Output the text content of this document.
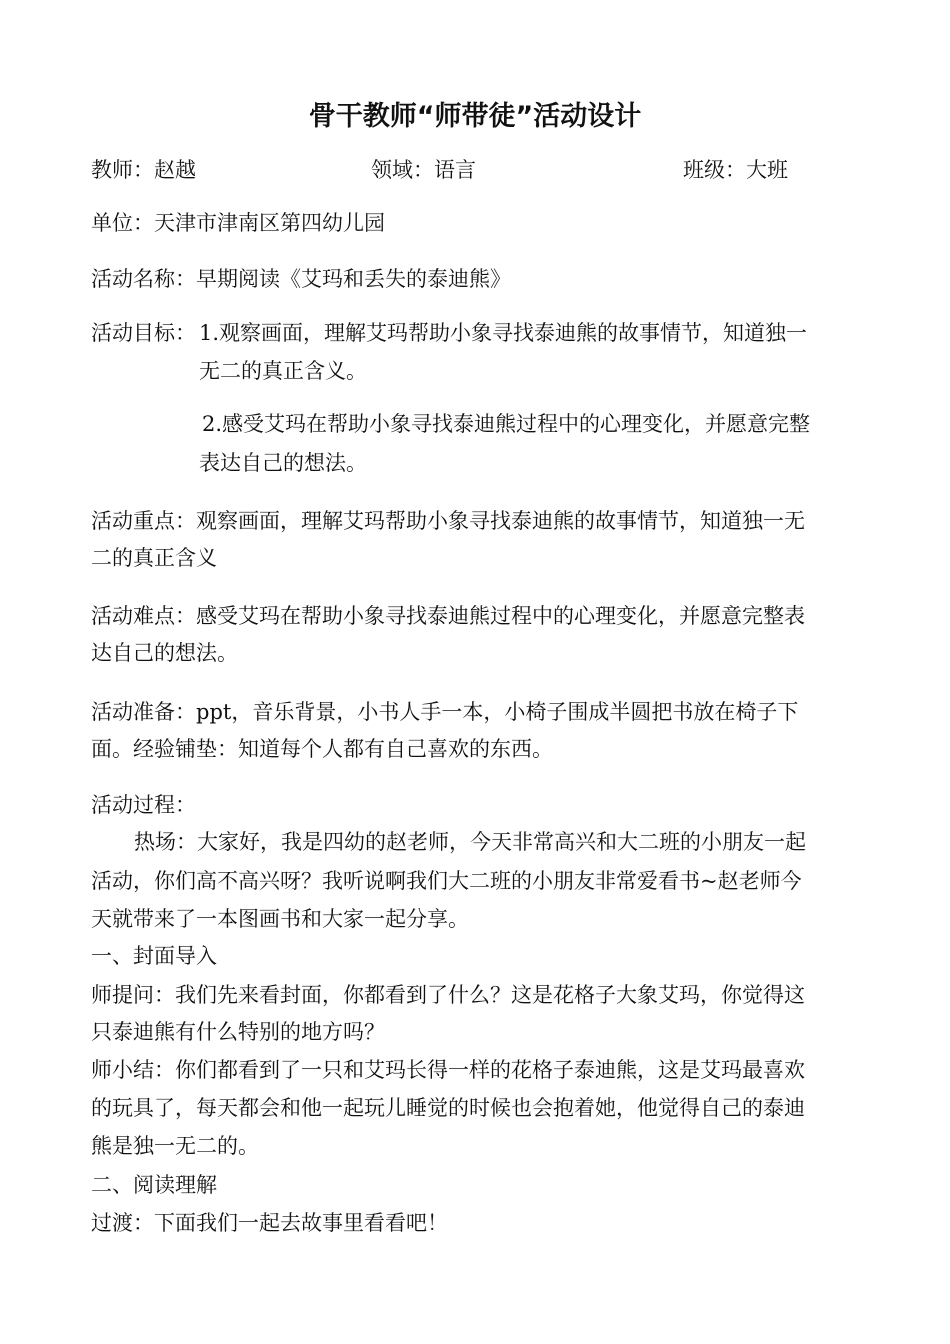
骨干教师“师带徒”活动设计
教师：赵越	领域：语言	班级：大班
单位：天津市津南区第四幼儿园
活动名称：早期阅读《艾玛和丢失的泰迪熊》
活动目标： 1.观察画面，理解艾玛帮助小象寻找泰迪熊的故事情节，知道独一
无二的真正含义。
2.感受艾玛在帮助小象寻找泰迪熊过程中的心理变化，并愿意完整
表达自己的想法。
活动重点：观察画面，理解艾玛帮助小象寻找泰迪熊的故事情节，知道独一无
二的真正含义
活动难点：感受艾玛在帮助小象寻找泰迪熊过程中的心理变化，并愿意完整表
达自己的想法。
活动准备：ppt，音乐背景，小书人手一本，小椅子围成半圆把书放在椅子下
面。经验铺垫：知道每个人都有自己喜欢的东西。
活动过程：
热场：大家好，我是四幼的赵老师，今天非常高兴和大二班的小朋友一起
活动，你们高不高兴呀？我听说啊我们大二班的小朋友非常爱看书~赵老师今
天就带来了一本图画书和大家一起分享。
一、封面导入
师提问：我们先来看封面，你都看到了什么？这是花格子大象艾玛，你觉得这
只泰迪熊有什么特别的地方吗？
师小结：你们都看到了一只和艾玛长得一样的花格子泰迪熊，这是艾玛最喜欢
的玩具了，每天都会和他一起玩儿睡觉的时候也会抱着她，他觉得自己的泰迪
熊是独一无二的。
二、阅读理解
过渡：下面我们一起去故事里看看吧！
